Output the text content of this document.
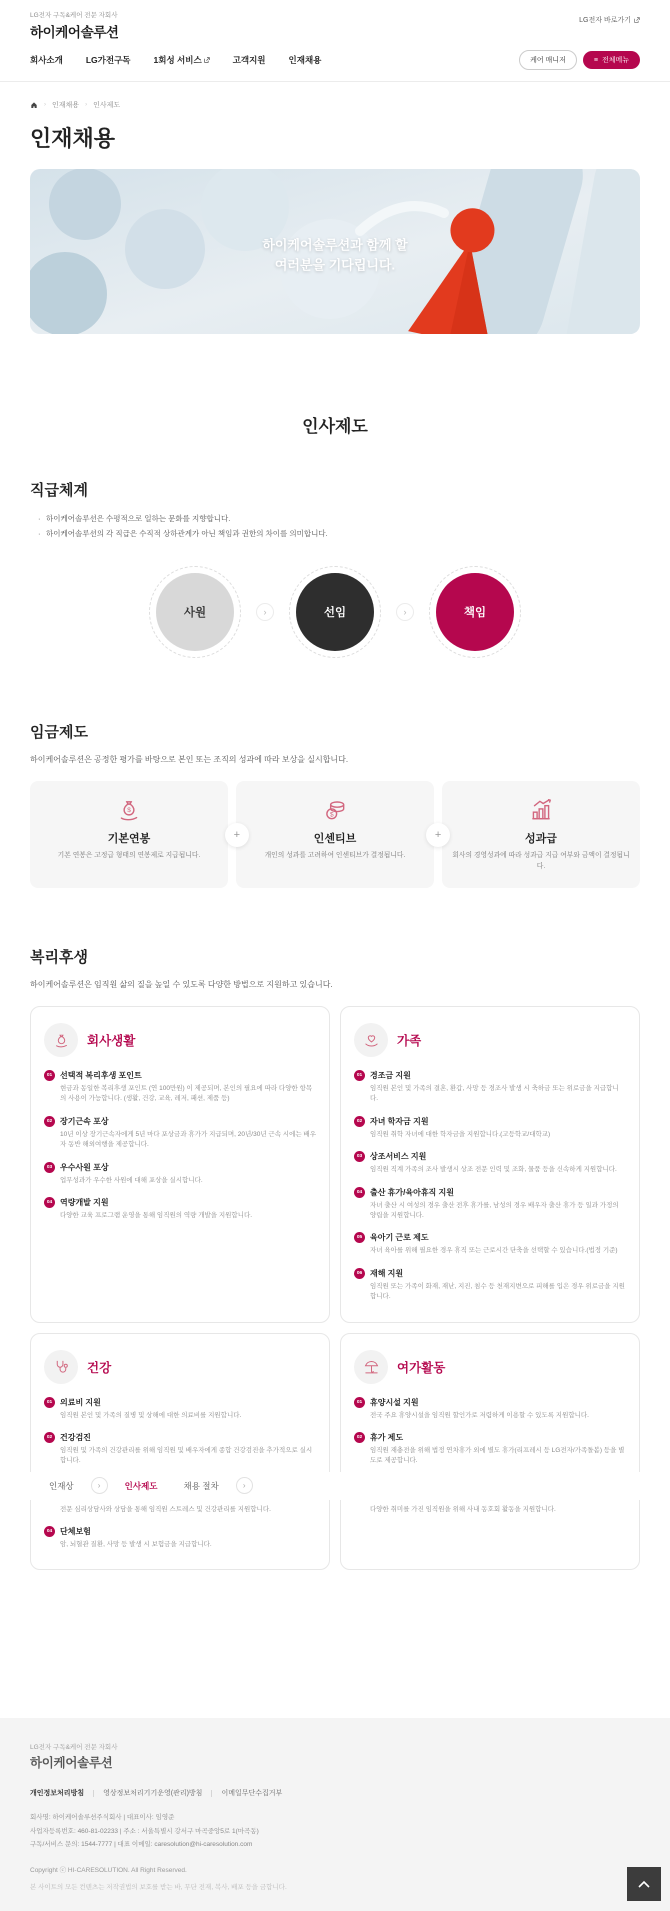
LG전자 구독&케어 전문 자회사
하이케어솔루션
LG전자 바로가기
회사소개	LG가전구독	1회성 서비스	고객지원	인재채용	케어 매니저	≡ 전체메뉴
› 인재채용 › 인사제도
인재채용
하이케어솔루션과 함께 할
여러분을 기다립니다.
인사제도
직급체계
· 하이케어솔루션은 수평적으로 일하는 문화를 지향합니다.
· 하이케어솔루션의 각 직급은 수직적 상하관계가 아닌 책임과 권한의 차이를 의미합니다.
사원	›	선임	›	책임
임금제도

하이케어솔루션은 공정한 평가를 바탕으로 본인 또는 조직의 성과에 따라 보상을 실시합니다.

$
기본연봉
기본 연봉은 고정급 형태의 연봉제로 지급됩니다.
$
인센티브
개인의 성과를 고려하여 인센티브가 결정됩니다.
성과급
회사의 경영성과에 따라 성과급 지급 여부와 금액이 결정됩니다.
+	+
복리후생

하이케어솔루션은 임직원 삶의 질을 높일 수 있도록 다양한 방법으로 지원하고 있습니다.

회사생활
01 선택적 복리후생 포인트
현금과 동일한 복리후생 포인트 (연 100만원) 이 제공되며, 본인의 필요에 따라 다양한 항목의 사용이 가능합니다. (생활, 건강, 교육, 레저, 패션, 제품 등)
02 장기근속 포상
10년 이상 장기근속자에게 5년 마다 포상금과 휴가가 지급되며, 20년/30년 근속 시에는 배우자 동반 해외여행을 제공합니다.
03 우수사원 포상
업무성과가 우수한 사원에 대해 포상을 실시합니다.
04 역량개발 지원
다양한 교육 프로그램 운영을 통해 임직원의 역량 개발을 지원합니다.
가족
01 경조금 지원
임직원 본인 및 가족의 결혼, 환갑, 사망 등 경조사 발생 시 축하금 또는 위로금을 지급합니다.
02 자녀 학자금 지원
임직원 취학 자녀에 대한 학자금을 지원합니다.(고등학교/대학교)
03 상조서비스 지원
임직원 직계 가족의 조사 발생시 상조 전문 인력 및 조화, 물품 등을 신속하게 지원합니다.
04 출산 휴가/육아휴직 지원
자녀 출산 시 여성의 경우 출산 전후 휴가를, 남성의 경우 배우자 출산 휴가 등 일과 가정의 양립을 지원합니다.
05 육아기 근로 제도
자녀 육아를 위해 필요한 경우 휴직 또는 근로시간 단축을 선택할 수 있습니다.(법정 기준)
06 재해 지원
임직원 또는 가족이 화재, 재난, 지진, 침수 등 천재지변으로 피해를 입은 경우 위로금을 지원합니다.
건강
01 의료비 지원
임직원 본인 및 가족의 질병 및 상해에 대한 의료비를 지원합니다.
02 건강검진
임직원 및 가족의 건강관리를 위해 임직원 및 배우자에게 종합 건강검진을 추가적으로 실시합니다.
전문 심리상담사와 상담을 통해 임직원 스트레스 및 건강관리를 지원합니다.
04 단체보험
암, 뇌혈관 질환, 사망 등 발생 시 보험금을 지급합니다.
여가활동
01 휴양시설 지원
전국 주요 휴양시설을 임직원 할인가로 저렴하게 이용할 수 있도록 지원합니다.
02 휴가 제도
임직원 재충전을 위해 법정 연차휴가 외에 별도 휴가(리프레시 등 LG전자/가족돌봄) 등을 별도로 제공합니다.
다양한 취미를 가진 임직원을 위해 사내 동호회 활동을 지원합니다.
인재상	›	인사제도	채용 절차	›
LG전자 구독&케어 전문 자회사
하이케어솔루션
개인정보처리방침	영상정보처리기기운영(관리)방침	이메일무단수집거부
회사명: 하이케어솔루션주식회사 | 대표이사: 임영준
사업자등록번호: 460-81-02233 | 주소 : 서울특별시 강서구 마곡중앙5로 1(마곡동)
구독/서비스 문의: 1544-7777 | 대표 이메일: caresolution@hi-caresolution.com
Copyright ⓒ HI-CARESOLUTION. All Right Reserved.
본 사이트의 모든 컨텐츠는 저작권법의 보호를 받는 바, 무단 전재, 복사, 배포 등을 금합니다.
